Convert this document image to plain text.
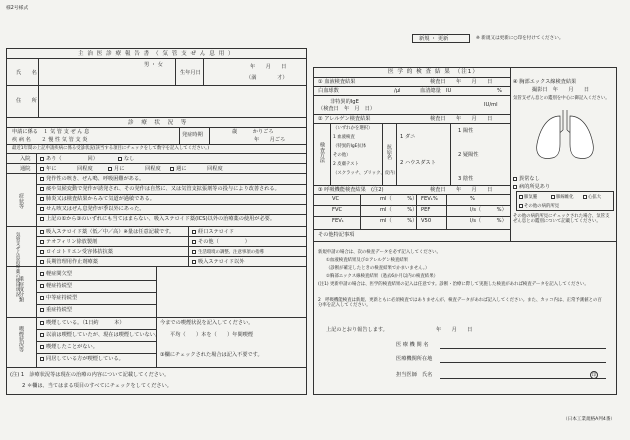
様2号様式
新規 ・ 更新	※ 新規又は更新に○印を付けてください。
主 治 医 診 療 報 告 書 （ 気 管 支 ぜ ん 息 用 ）
氏　　名
男 ・ 女
生年月日
年　　月　　日
（満　　　　才）
住　　所
診　療　状　況　等
申請に係る　１ 気 管 支 ぜ ん 息
疾 病 名　　２ 慢 性 気 管 支 炎
発症時期	歳　　　かりごろ
年　　月ごろ
最近1年間の上記申請疾病に係る受診状況(該当する項目にチェックをして数字を記入してください。)
入院	あり（　　　　　回）	なし
通院	年に　　　　回程度	月に　　　　回程度	週に　　　　回程度
症状等
発作性の咳き、ぜん鳴、呼吸困難がある。
痰や気候変動で発作が誘発され、その発作は自然に、又は気管支拡張剤等の投与により改善される。
肺炎又は検査結果からみて気道が過敏である。
せん咳又はぜん息発作が季以外にあった。
上記の①から③のいずれにも当てはまらない、吸入ステロイド薬(ICS)以外の治療薬の使用が必要。
気管支ぜん息治療薬の使用状況	吸入ステロイド薬（低／中／高）※量は任意記載です。	経口ステロイド
テオフィリン徐放製剤	その他（　　　　　）
ロイコトリエン受容体拮抗薬	生活環境の調整、注意事項の指導
長期管理用作止剤療薬	吸入ステロイド以外
重症度分類
軽症間欠型
軽症持続型
中等症持続型
重症持続型
喫煙状況等
喫煙している。（1日約　　　本）
以前は喫煙していたが、現在は喫煙していない。
喫煙したことがない。
同居している方が喫煙している。
今までの喫煙状況を記入してください。
平均（　　）本を（　　）年間喫煙
③欄にチェックされた場合は記入不要です。
(注) 1　診療状況等は現在の治療の内容について記載してください。
2 ＊欄は、当てはまる項目のすべてにチェックをしてください。
医 学 的 検 査 結 果　（注1）
① 血液検査結果	検査日　　年　　月　　日
白血球数	/μl	血清總量　IU	%
非特異的IgE
（検査日　年　月　日）
IU/ml
② アレルゲン検査結果	検査日　　年　　月　　日
検査方法
（いずれかを選択）
1 血液検査
（特異的IgE抗体
その他）
2 皮膚テスト
（スクラッチ、プリック、皮内）
抗原名
1 ダニ
2 ハウスダスト
1 陽性
2 疑陽性
3 陰性
③ 呼吸機能検査結果　(注2)	検査日　　年　　月　　日
VC	ml（　　　%） FEV₁%	%
FVC	ml（　　　%） PEF	l/s（　　　%）
FEV₁	ml（　　　%） V50	l/s（　　　%）
その他特記事項
④ 胸部エックス線検査結果
撮影日　年　　月　　日
気管支ぜん息との鑑別を中心に御記入ください。
異常なし
病的所見あり
肺気腫	肺線維化	心拡大
その他の病的所見
その他の病的所見にチェックされた場合、気管支ぜん息との鑑別について記載してください。
新規申請の場合は、次の検査データを必ず記入してください。
①血液検査結果及び②アレルゲン検査結果
（診断が確定したときの検査結果でかまいません。）
②胸部エックス線検査結果（過去6か月以内の検査結果）
(注1) 更新申請の場合は、医学的検査結果の記入は任意です。診断・治療に際して実施した検査があれば検査データを記入してください。
2　呼吸機能検査は新規、更新ともに必須検査ではありませんが、検査データがあれば記入してください。また、カッコ内は、正常予測値との百分率を記入してください。
上記のとおり報告します。	年　　月　　日
医 療 機 関 名
医療機関所在地
担当医師　氏名	印
（日本工業規格A列4番）
